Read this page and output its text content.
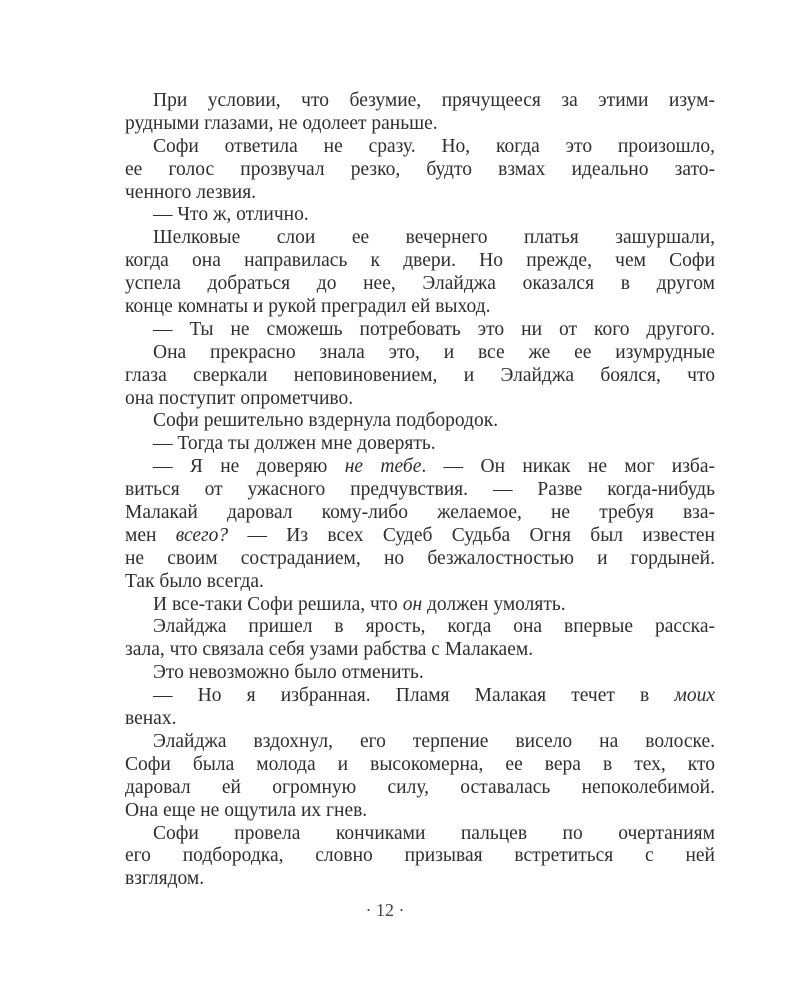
При условии, что безумие, прячущееся за этими изум-
рудными глазами, не одолеет раньше.
Софи ответила не сразу. Но, когда это произошло,
ее голос прозвучал резко, будто взмах идеально зато-
ченного лезвия.
— Что ж, отлично.
Шелковые слои ее вечернего платья зашуршали,
когда она направилась к двери. Но прежде, чем Софи
успела добраться до нее, Элайджа оказался в другом
конце комнаты и рукой преградил ей выход.
— Ты не сможешь потребовать это ни от кого другого.
Она прекрасно знала это, и все же ее изумрудные
глаза сверкали неповиновением, и Элайджа боялся, что
она поступит опрометчиво.
Софи решительно вздернула подбородок.
— Тогда ты должен мне доверять.
— Я не доверяю не тебе. — Он никак не мог изба-
виться от ужасного предчувствия. — Разве когда-нибудь
Малакай даровал кому-либо желаемое, не требуя вза-
мен всего? — Из всех Судеб Судьба Огня был известен
не своим состраданием, но безжалостностью и гордыней.
Так было всегда.
И все-таки Софи решила, что он должен умолять.
Элайджа пришел в ярость, когда она впервые расска-
зала, что связала себя узами рабства с Малакаем.
Это невозможно было отменить.
— Но я избранная. Пламя Малакая течет в моих
венах.
Элайджа вздохнул, его терпение висело на волоске.
Софи была молода и высокомерна, ее вера в тех, кто
даровал ей огромную силу, оставалась непоколебимой.
Она еще не ощутила их гнев.
Софи провела кончиками пальцев по очертаниям
его подбородка, словно призывая встретиться с ней
взглядом.
· 12 ·
